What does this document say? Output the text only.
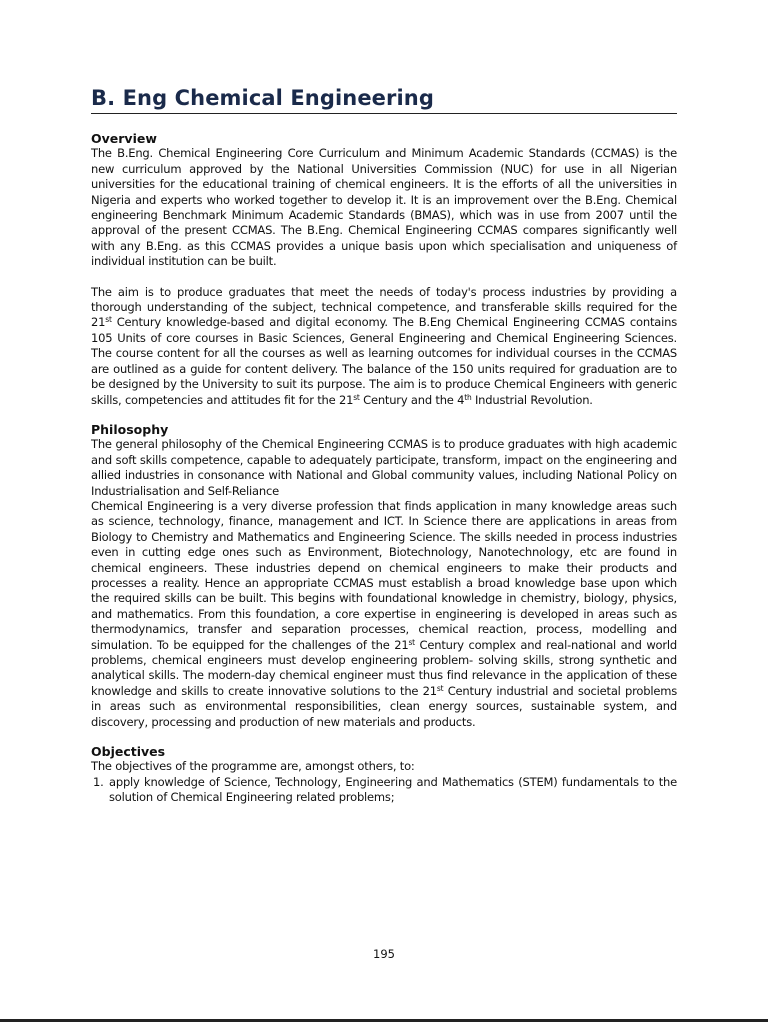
B. Eng Chemical Engineering
Overview

The B.Eng. Chemical Engineering Core Curriculum and Minimum Academic Standards (CCMAS) is the new curriculum approved by the National Universities Commission (NUC) for use in all Nigerian universities for the educational training of chemical engineers. It is the efforts of all the universities in Nigeria and experts who worked together to develop it. It is an improvement over the B.Eng. Chemical engineering Benchmark Minimum Academic Standards (BMAS), which was in use from 2007 until the approval of the present CCMAS. The B.Eng. Chemical Engineering CCMAS compares significantly well with any B.Eng. as this CCMAS provides a unique basis upon which specialisation and uniqueness of individual institution can be built.

The aim is to produce graduates that meet the needs of today's process industries by providing a thorough understanding of the subject, technical competence, and transferable skills required for the 21st Century knowledge-based and digital economy. The B.Eng Chemical Engineering CCMAS contains 105 Units of core courses in Basic Sciences, General Engineering and Chemical Engineering Sciences. The course content for all the courses as well as learning outcomes for individual courses in the CCMAS are outlined as a guide for content delivery. The balance of the 150 units required for graduation are to be designed by the University to suit its purpose. The aim is to produce Chemical Engineers with generic skills, competencies and attitudes fit for the 21st Century and the 4th Industrial Revolution.

Philosophy

The general philosophy of the Chemical Engineering CCMAS is to produce graduates with high academic and soft skills competence, capable to adequately participate, transform, impact on the engineering and allied industries in consonance with National and Global community values, including National Policy on Industrialisation and Self-Reliance

Chemical Engineering is a very diverse profession that finds application in many knowledge areas such as science, technology, finance, management and ICT. In Science there are applications in areas from Biology to Chemistry and Mathematics and Engineering Science. The skills needed in process industries even in cutting edge ones such as Environment, Biotechnology, Nanotechnology, etc are found in chemical engineers. These industries depend on chemical engineers to make their products and processes a reality. Hence an appropriate CCMAS must establish a broad knowledge base upon which the required skills can be built. This begins with foundational knowledge in chemistry, biology, physics, and mathematics. From this foundation, a core expertise in engineering is developed in areas such as thermodynamics, transfer and separation processes, chemical reaction, process, modelling and simulation. To be equipped for the challenges of the 21st Century complex and real-national and world problems, chemical engineers must develop engineering problem- solving skills, strong synthetic and analytical skills. The modern-day chemical engineer must thus find relevance in the application of these knowledge and skills to create innovative solutions to the 21st Century industrial and societal problems in areas such as environmental responsibilities, clean energy sources, sustainable system, and discovery, processing and production of new materials and products.

Objectives

The objectives of the programme are, amongst others, to:

1. apply knowledge of Science, Technology, Engineering and Mathematics (STEM) fundamentals to the solution of Chemical Engineering related problems;
195
